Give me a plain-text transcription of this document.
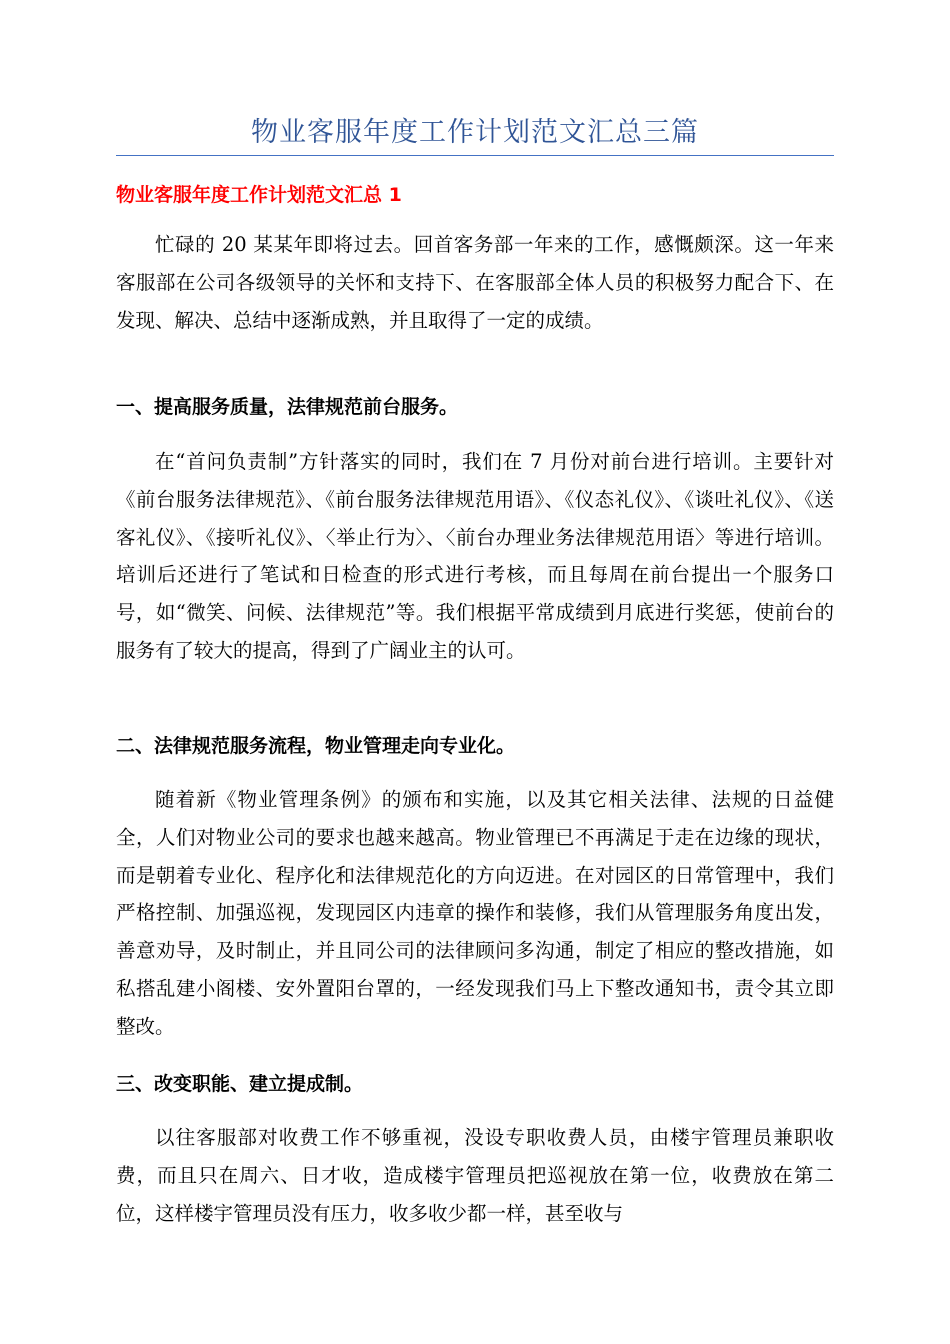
物业客服年度工作计划范文汇总三篇
物业客服年度工作计划范文汇总 1

忙碌的 20 某某年即将过去。回首客务部一年来的工作，感慨颇深。这一年来客服部在公司各级领导的关怀和支持下、在客服部全体人员的积极努力配合下、在发现、解决、总结中逐渐成熟，并且取得了一定的成绩。

一、提高服务质量，法律规范前台服务。

在“首问负责制”方针落实的同时，我们在 7 月份对前台进行培训。主要针对《前台服务法律规范》、《前台服务法律规范用语》、《仪态礼仪》、《谈吐礼仪》、《送客礼仪》、《接听礼仪》、〈举止行为〉、〈前台办理业务法律规范用语〉等进行培训。培训后还进行了笔试和日检查的形式进行考核，而且每周在前台提出一个服务口号，如“微笑、问候、法律规范”等。我们根据平常成绩到月底进行奖惩，使前台的服务有了较大的提高，得到了广阔业主的认可。

二、法律规范服务流程，物业管理走向专业化。

随着新《物业管理条例》的颁布和实施，以及其它相关法律、法规的日益健全，人们对物业公司的要求也越来越高。物业管理已不再满足于走在边缘的现状，而是朝着专业化、程序化和法律规范化的方向迈进。在对园区的日常管理中，我们严格控制、加强巡视，发现园区内违章的操作和装修，我们从管理服务角度出发，善意劝导，及时制止，并且同公司的法律顾问多沟通，制定了相应的整改措施，如私搭乱建小阁楼、安外置阳台罩的，一经发现我们马上下整改通知书，责令其立即整改。

三、改变职能、建立提成制。

以往客服部对收费工作不够重视，没设专职收费人员，由楼宇管理员兼职收费，而且只在周六、日才收，造成楼宇管理员把巡视放在第一位，收费放在第二位，这样楼宇管理员没有压力，收多收少都一样，甚至收与
